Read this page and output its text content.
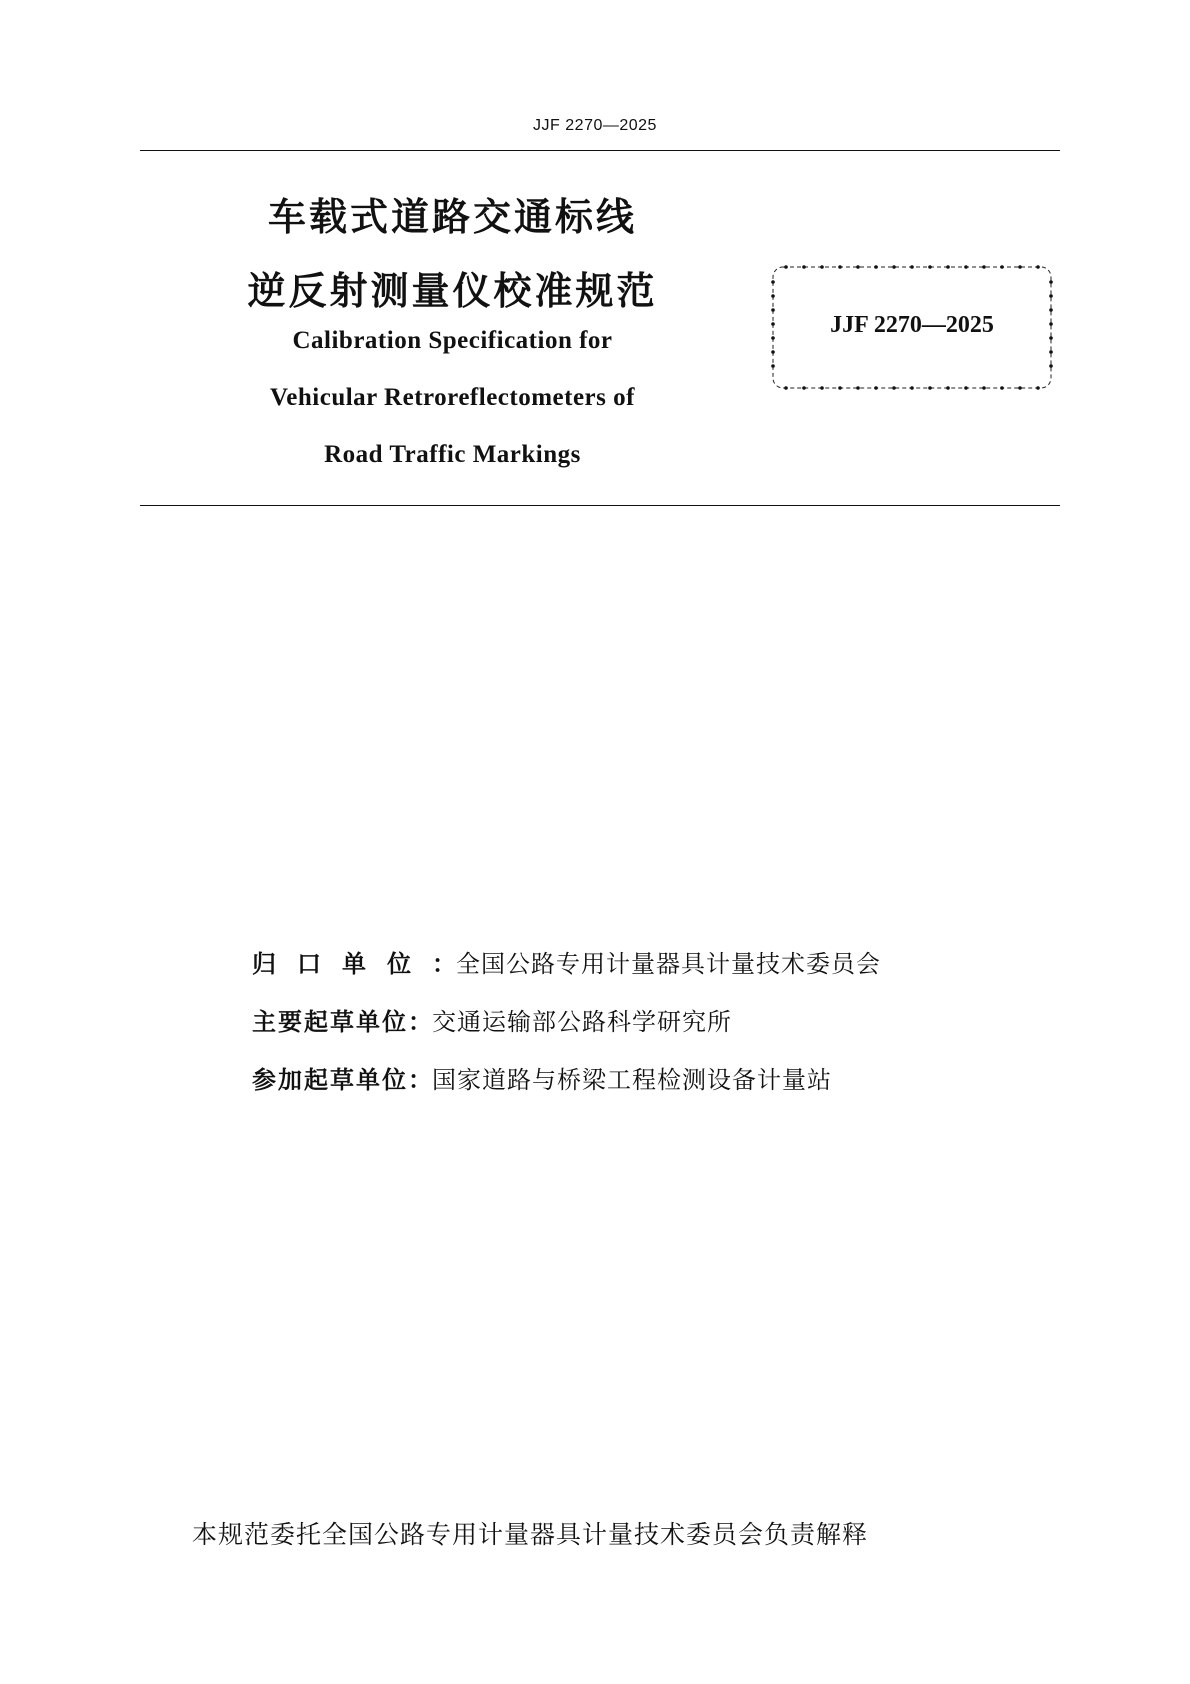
JJF 2270—2025
车载式道路交通标线
逆反射测量仪校准规范
Calibration Specification for
Vehicular Retroreflectometers of
Road Traffic Markings
JJF 2270—2025
归口单位：全国公路专用计量器具计量技术委员会
主要起草单位：交通运输部公路科学研究所
参加起草单位：国家道路与桥梁工程检测设备计量站
本规范委托全国公路专用计量器具计量技术委员会负责解释
